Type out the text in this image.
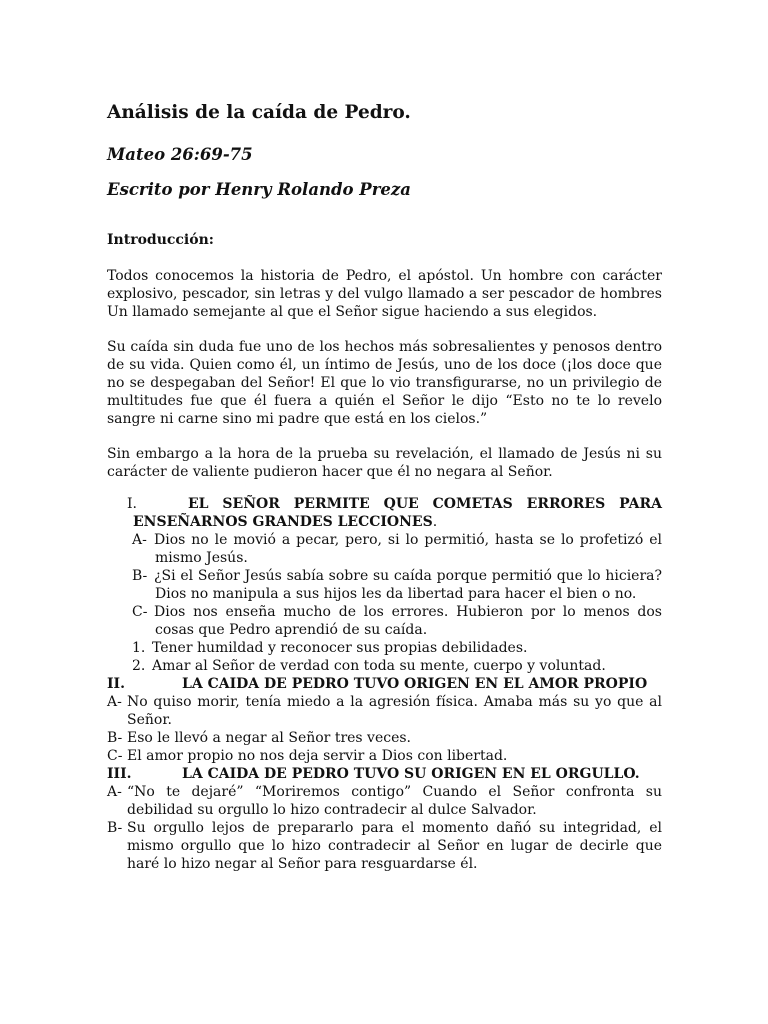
Análisis de la caída de Pedro.

Mateo 26:69-75

Escrito por Henry Rolando Preza

Introducción:

Todos conocemos la historia de Pedro, el apóstol. Un hombre con carácter explosivo, pescador, sin letras y del vulgo llamado a ser pescador de hombres Un llamado semejante al que el Señor sigue haciendo a sus elegidos.

Su caída sin duda fue uno de los hechos más sobresalientes y penosos dentro de su vida. Quien como él, un íntimo de Jesús, uno de los doce (¡los doce que no se despegaban del Señor! El que lo vio transfigurarse, no un privilegio de multitudes fue que él fuera a quién el Señor le dijo “Esto no te lo revelo sangre ni carne sino mi padre que está en los cielos.”

Sin embargo a la hora de la prueba su revelación, el llamado de Jesús ni su carácter de valiente pudieron hacer que él no negara al Señor.

I.	EL SEÑOR PERMITE QUE COMETAS ERRORES PARA ENSEÑARNOS GRANDES LECCIONES.
A- Dios no le movió a pecar, pero, si lo permitió, hasta se lo profetizó el mismo Jesús.
B- ¿Si el Señor Jesús sabía sobre su caída porque permitió que lo hiciera? Dios no manipula a sus hijos les da libertad para hacer el bien o no.
C- Dios nos enseña mucho de los errores. Hubieron por lo menos dos cosas que Pedro aprendió de su caída.
1. Tener humildad y reconocer sus propias debilidades.
2. Amar al Señor de verdad con toda su mente, cuerpo y voluntad.
II.	LA CAIDA DE PEDRO TUVO ORIGEN EN EL AMOR PROPIO
A- No quiso morir, tenía miedo a la agresión física. Amaba más su yo que al Señor.
B- Eso le llevó a negar al Señor tres veces.
C- El amor propio no nos deja servir a Dios con libertad.
III.	LA CAIDA DE PEDRO TUVO SU ORIGEN EN EL ORGULLO.
A- “No te dejaré” “Moriremos contigo” Cuando el Señor confronta su debilidad su orgullo lo hizo contradecir al dulce Salvador.
B- Su orgullo lejos de prepararlo para el momento dañó su integridad, el mismo orgullo que lo hizo contradecir al Señor en lugar de decirle que haré lo hizo negar al Señor para resguardarse él.
